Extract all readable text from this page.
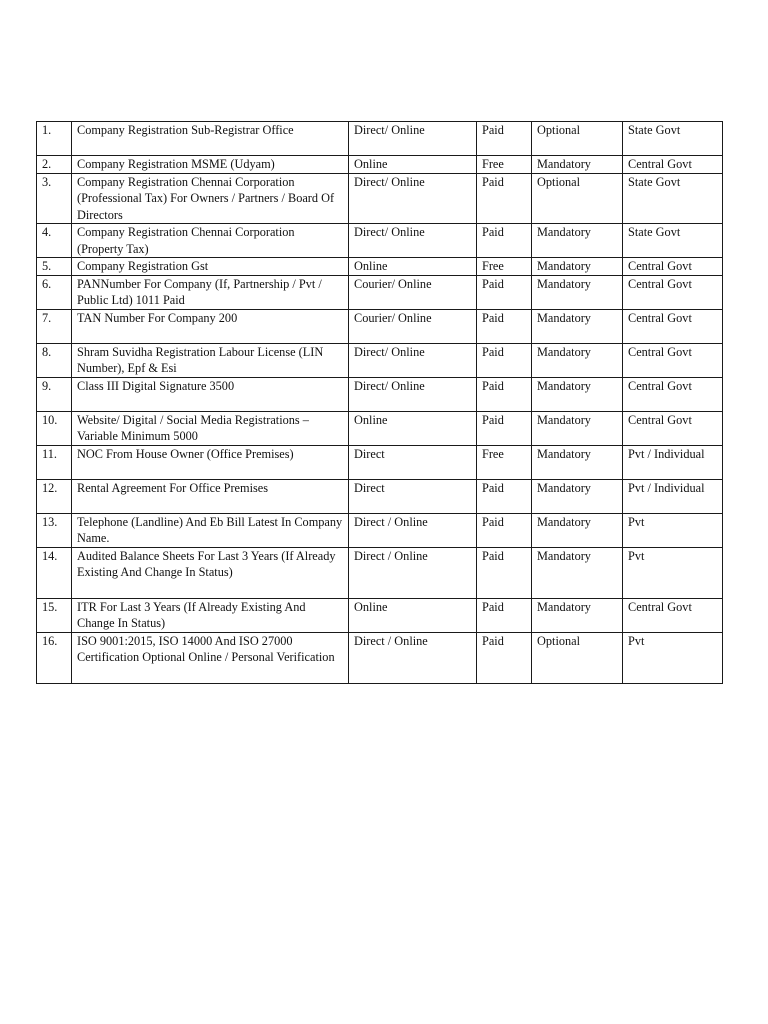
1.	Company Registration Sub-Registrar Office	Direct/ Online	Paid	Optional	State Govt
2.	Company Registration MSME (Udyam)	Online	Free	Mandatory	Central Govt
3.	Company Registration Chennai Corporation (Professional Tax) For Owners / Partners / Board Of Directors	Direct/ Online	Paid	Optional	State Govt
4.	Company Registration Chennai Corporation (Property Tax)	Direct/ Online	Paid	Mandatory	State Govt
5.	Company Registration Gst	Online	Free	Mandatory	Central Govt
6.	PANNumber For Company (If, Partnership / Pvt / Public Ltd) 1011 Paid	Courier/ Online	Paid	Mandatory	Central Govt
7.	TAN Number For Company 200	Courier/ Online	Paid	Mandatory	Central Govt
8.	Shram Suvidha Registration Labour License (LIN Number), Epf & Esi	Direct/ Online	Paid	Mandatory	Central Govt
9.	Class III Digital Signature 3500	Direct/ Online	Paid	Mandatory	Central Govt
10.	Website/ Digital / Social Media Registrations –Variable Minimum 5000	Online	Paid	Mandatory	Central Govt
11.	NOC From House Owner (Office Premises)	Direct	Free	Mandatory	Pvt / Individual
12.	Rental Agreement For Office Premises	Direct	Paid	Mandatory	Pvt / Individual
13.	Telephone (Landline) And Eb Bill Latest In Company Name.	Direct / Online	Paid	Mandatory	Pvt
14.	Audited Balance Sheets For Last 3 Years (If Already Existing And Change In Status)	Direct / Online	Paid	Mandatory	Pvt
15.	ITR For Last 3 Years (If Already Existing And Change In Status)	Online	Paid	Mandatory	Central Govt
16.	ISO 9001:2015, ISO 14000 And ISO 27000 Certification Optional Online / Personal Verification	Direct / Online	Paid	Optional	Pvt
